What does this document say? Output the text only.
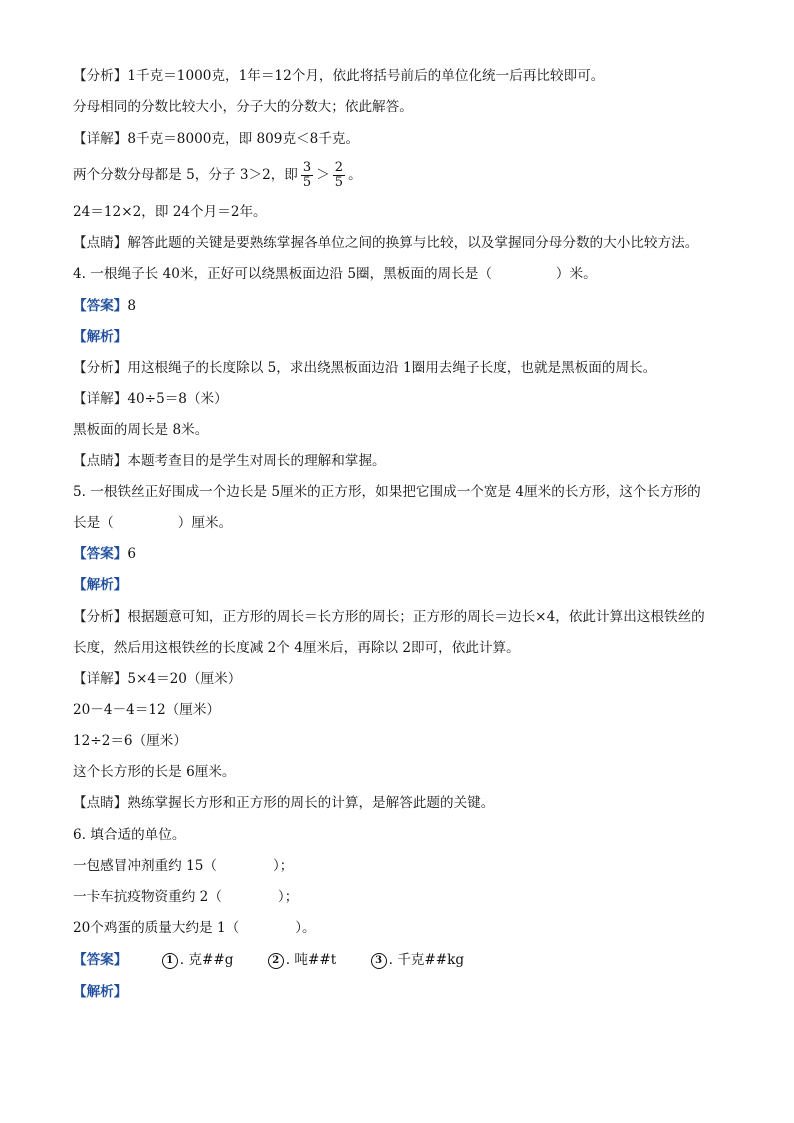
【分析】1千克＝1000克，1年＝12个月，依此将括号前后的单位化统一后再比较即可。
分母相同的分数比较大小，分子大的分数大；依此解答。
【详解】8千克＝8000克，即 809克＜8千克。
两个分数分母都是 5，分子 3＞2，即 $\frac{3}{5} > \frac{2}{5}$ 。
24＝12×2，即 24个月＝2年。
【点睛】解答此题的关键是要熟练掌握各单位之间的换算与比较，以及掌握同分母分数的大小比较方法。
4. 一根绳子长 40米，正好可以绕黑板面边沿 5圈，黑板面的周长是（	）米。
【答案】8
【解析】
【分析】用这根绳子的长度除以 5，求出绕黑板面边沿 1圈用去绳子长度，也就是黑板面的周长。
【详解】40÷5＝8（米）
黑板面的周长是 8米。
【点睛】本题考查目的是学生对周长的理解和掌握。
5. 一根铁丝正好围成一个边长是 5厘米的正方形，如果把它围成一个宽是 4厘米的长方形，这个长方形的
长是（	）厘米。
【答案】6
【解析】
【分析】根据题意可知，正方形的周长＝长方形的周长；正方形的周长＝边长×4，依此计算出这根铁丝的
长度，然后用这根铁丝的长度减 2个 4厘米后，再除以 2即可，依此计算。
【详解】5×4＝20（厘米）
20－4－4＝12（厘米）
12÷2＝6（厘米）
这个长方形的长是 6厘米。
【点睛】熟练掌握长方形和正方形的周长的计算，是解答此题的关键。
6. 填合适的单位。
一包感冒冲剂重约 15（	）；
一卡车抗疫物资重约 2（	）；
20个鸡蛋的质量大约是 1（	）。
【答案】	1 . 克##g	2 . 吨##t	3 . 千克##kg
【解析】
